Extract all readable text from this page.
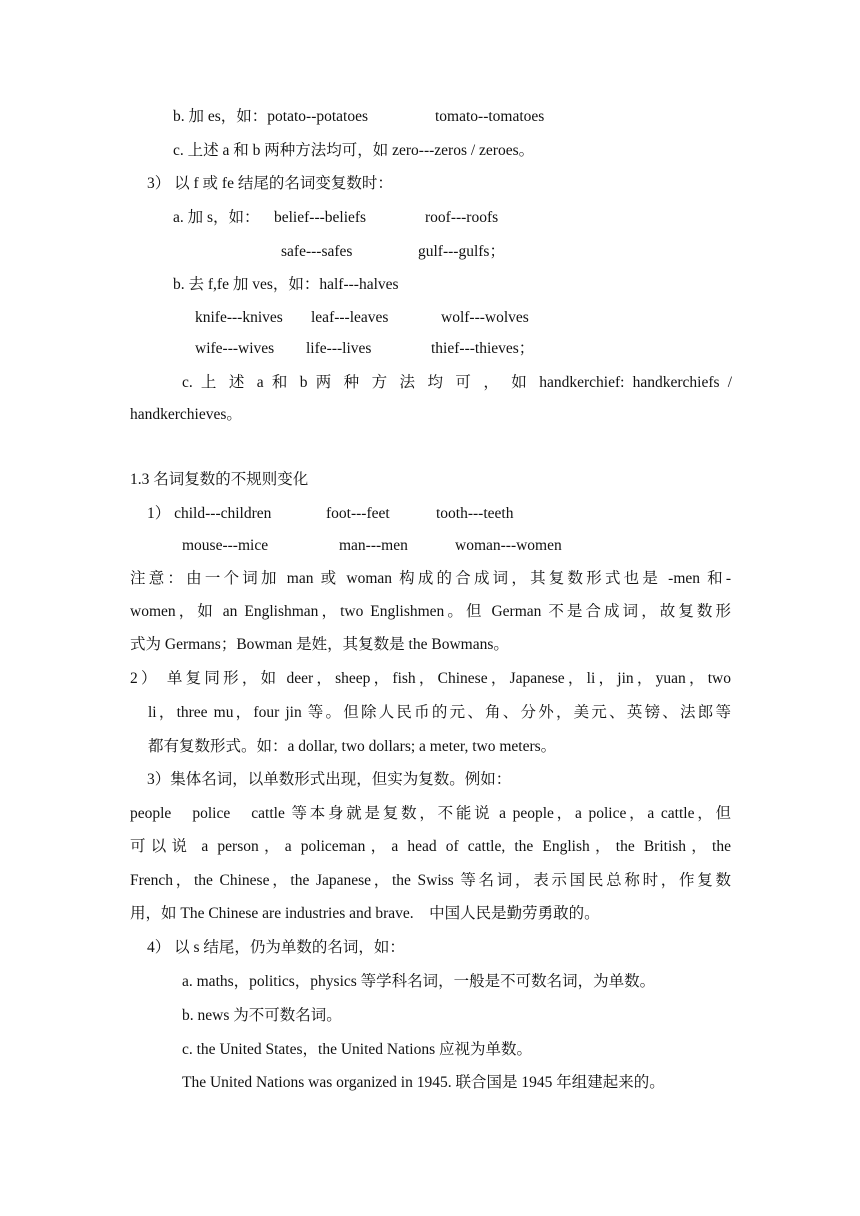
b. 加 es，如：potato--potatoes	tomato--tomatoes
c. 上述 a 和 b 两种方法均可，如 zero---zeros / zeroes。
3） 以 f 或 fe 结尾的名词变复数时：
a. 加 s，如： belief---beliefs	roof---roofs
safe---safes	gulf---gulfs；
b. 去 f,fe 加 ves，如：half---halves
knife---knives leaf---leaves	wolf---wolves
wife---wives life---lives	thief---thieves；
c. 上 述 a 和 b 两 种 方 法 均 可 ， 如 handkerchief: handkerchiefs /
handkerchieves。
1.3 名词复数的不规则变化
1） child---children	foot---feet	tooth---teeth
mouse---mice	man---men	woman---women
注意：由一个词加 man 或 woman 构成的合成词，其复数形式也是 -men 和-
women，如 an Englishman，two Englishmen。但 German 不是合成词，故复数形
式为 Germans；Bowman 是姓，其复数是 the Bowmans。
2） 单复同形，如 deer，sheep，fish，Chinese，Japanese，li，jin，yuan，two
li，three mu，four jin 等。但除人民币的元、角、分外，美元、英镑、法郎等
都有复数形式。如：a dollar, two dollars; a meter, two meters。
3）集体名词，以单数形式出现，但实为复数。例如：
people　police　cattle 等本身就是复数，不能说 a people，a police，a cattle，但
可以说 a person，a policeman，a head of cattle, the English，the British，the
French，the Chinese，the Japanese，the Swiss 等名词，表示国民总称时，作复数
用，如 The Chinese are industries and brave.　中国人民是勤劳勇敢的。
4） 以 s 结尾，仍为单数的名词，如：
a. maths，politics，physics 等学科名词，一般是不可数名词，为单数。
b. news 为不可数名词。
c. the United States，the United Nations 应视为单数。
The United Nations was organized in 1945. 联合国是 1945 年组建起来的。
